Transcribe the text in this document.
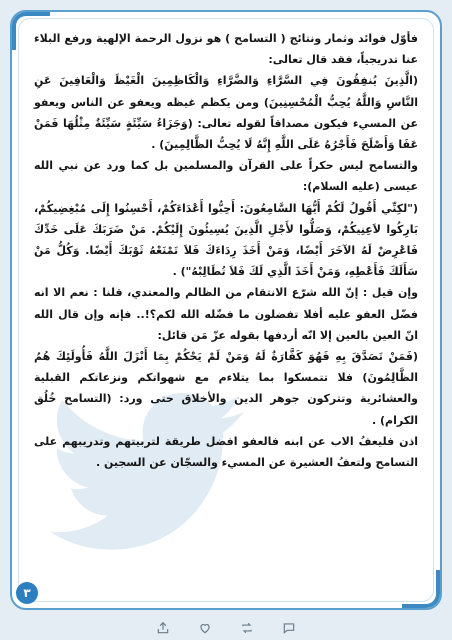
فأوّل فوائد وثمار ونتائج ( التسامح ) هو نزول الرحمة الإلهية ورفع البلاء عنا تدريجياً، فقد قال تعالى:

(الَّذِينَ يُنفِقُونَ فِي السَّرَّاءِ وَالضَّرَّاءِ وَالْكَاظِمِينَ الْغَيْظَ وَالْعَافِينَ عَنِ النَّاسِ وَاللَّهُ يُحِبُّ الْمُحْسِنِينَ) ومن يكظم غيظه ويعفو عن الناس ويعفو عن المسيء فيكون مصداقاً لقوله تعالى: (وَجَزَاءُ سَيِّئَةٍ سَيِّئَةٌ مِثْلُهَا فَمَنْ عَفَا وَأَصْلَحَ فَأَجْرُهُ عَلَى اللَّهِ إِنَّهُ لَا يُحِبُّ الظَّالِمِينَ) .

والتسامح ليس حكراً على القرآن والمسلمين بل كما ورد عن نبي الله عيسى (عليه السلام):

("لكِنِّي أَقُولُ لَكُمْ أَيُّهَا السَّامِعُونَ: أَحِبُّوا أَعْدَاءَكُمْ، أَحْسِنُوا إِلَى مُبْغِضِيكُمْ، بَارِكُوا لاَعِنِيكُمْ، وَصَلُّوا لأَجْلِ الَّذِينَ يُسِيئُونَ إِلَيْكُمْ. مَنْ ضَرَبَكَ عَلَى خَدِّكَ فَاعْرِضْ لَهُ الآخَرَ أَيْضًا، وَمَنْ أَخَذَ رِدَاءَكَ فَلاَ تَمْنَعْهُ ثَوْبَكَ أَيْضًا. وَكُلُّ مَنْ سَأَلَكَ فَأَعْطِهِ، وَمَنْ أَخَذَ الَّذِي لَكَ فَلاَ تُطَالِبْهُ") .

وإن قيل : إنّ الله شرّع الانتقام من الظالم والمعتدي، قلنا : نعم الا انه فضّل العفو عليه أفلا تفضلون ما فضّله الله لكم؟!.. فإنه وإن قال الله انّ العين بالعين إلا انّه أردفها بقوله عزّ مَن قائل:

(فَمَنْ تَصَدَّقَ بِهِ فَهُوَ كَفَّارَةٌ لَهُ وَمَنْ لَمْ يَحْكُمْ بِمَا أَنْزَلَ اللَّهُ فَأُولَئِكَ هُمُ الظَّالِمُونَ) فلا تتمسكوا بما يتلاءم مع شهواتكم ونزعاتكم القبلية والعشائرية وتتركون جوهر الدين والأخلاق حتى ورد: (التسامح خُلُق الكرام) .

اذن فليعفُ الاب عن ابنه فالعفو افضل طريقة لتربيتهم وتدريبهم على التسامح ولتعفُ العشيرة عن المسيء والسجّان عن السجين .

٣
